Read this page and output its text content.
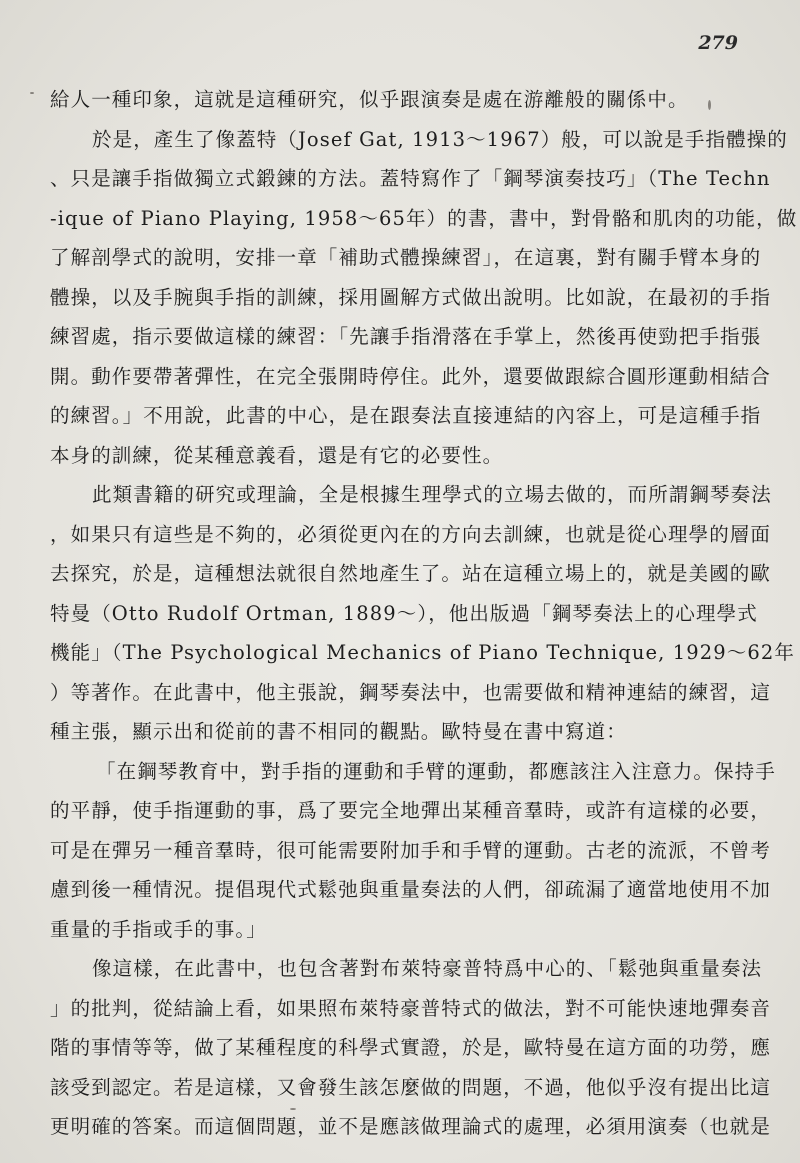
279
給人一種印象，這就是這種研究，似乎跟演奏是處在游離般的關係中。
於是，產生了像蓋特（Josef Gat, 1913～1967）般，可以說是手指體操的
、只是讓手指做獨立式鍛鍊的方法。蓋特寫作了「鋼琴演奏技巧」（The Techn
-ique of Piano Playing, 1958～65年）的書，書中，對骨骼和肌肉的功能，做
了解剖學式的說明，安排一章「補助式體操練習」，在這裏，對有關手臂本身的
體操，以及手腕與手指的訓練，採用圖解方式做出說明。比如說，在最初的手指
練習處，指示要做這樣的練習：「先讓手指滑落在手掌上，然後再使勁把手指張
開。動作要帶著彈性，在完全張開時停住。此外，還要做跟綜合圓形運動相結合
的練習。」不用說，此書的中心，是在跟奏法直接連結的內容上，可是這種手指
本身的訓練，從某種意義看，還是有它的必要性。
此類書籍的研究或理論，全是根據生理學式的立場去做的，而所謂鋼琴奏法
，如果只有這些是不夠的，必須從更內在的方向去訓練，也就是從心理學的層面
去探究，於是，這種想法就很自然地產生了。站在這種立場上的，就是美國的歐
特曼（Otto Rudolf Ortman, 1889～），他出版過「鋼琴奏法上的心理學式
機能」（The Psychological Mechanics of Piano Technique, 1929～62年
）等著作。在此書中，他主張說，鋼琴奏法中，也需要做和精神連結的練習，這
種主張，顯示出和從前的書不相同的觀點。歐特曼在書中寫道：
「在鋼琴教育中，對手指的運動和手臂的運動，都應該注入注意力。保持手
的平靜，使手指運動的事，爲了要完全地彈出某種音羣時，或許有這樣的必要，
可是在彈另一種音羣時，很可能需要附加手和手臂的運動。古老的流派，不曾考
慮到後一種情況。提倡現代式鬆弛與重量奏法的人們，卻疏漏了適當地使用不加
重量的手指或手的事。」
像這樣，在此書中，也包含著對布萊特豪普特爲中心的、「鬆弛與重量奏法
」的批判，從結論上看，如果照布萊特豪普特式的做法，對不可能快速地彈奏音
階的事情等等，做了某種程度的科學式實證，於是，歐特曼在這方面的功勞，應
該受到認定。若是這樣，又會發生該怎麼做的問題，不過，他似乎沒有提出比這
更明確的答案。而這個問題，並不是應該做理論式的處理，必須用演奏（也就是
